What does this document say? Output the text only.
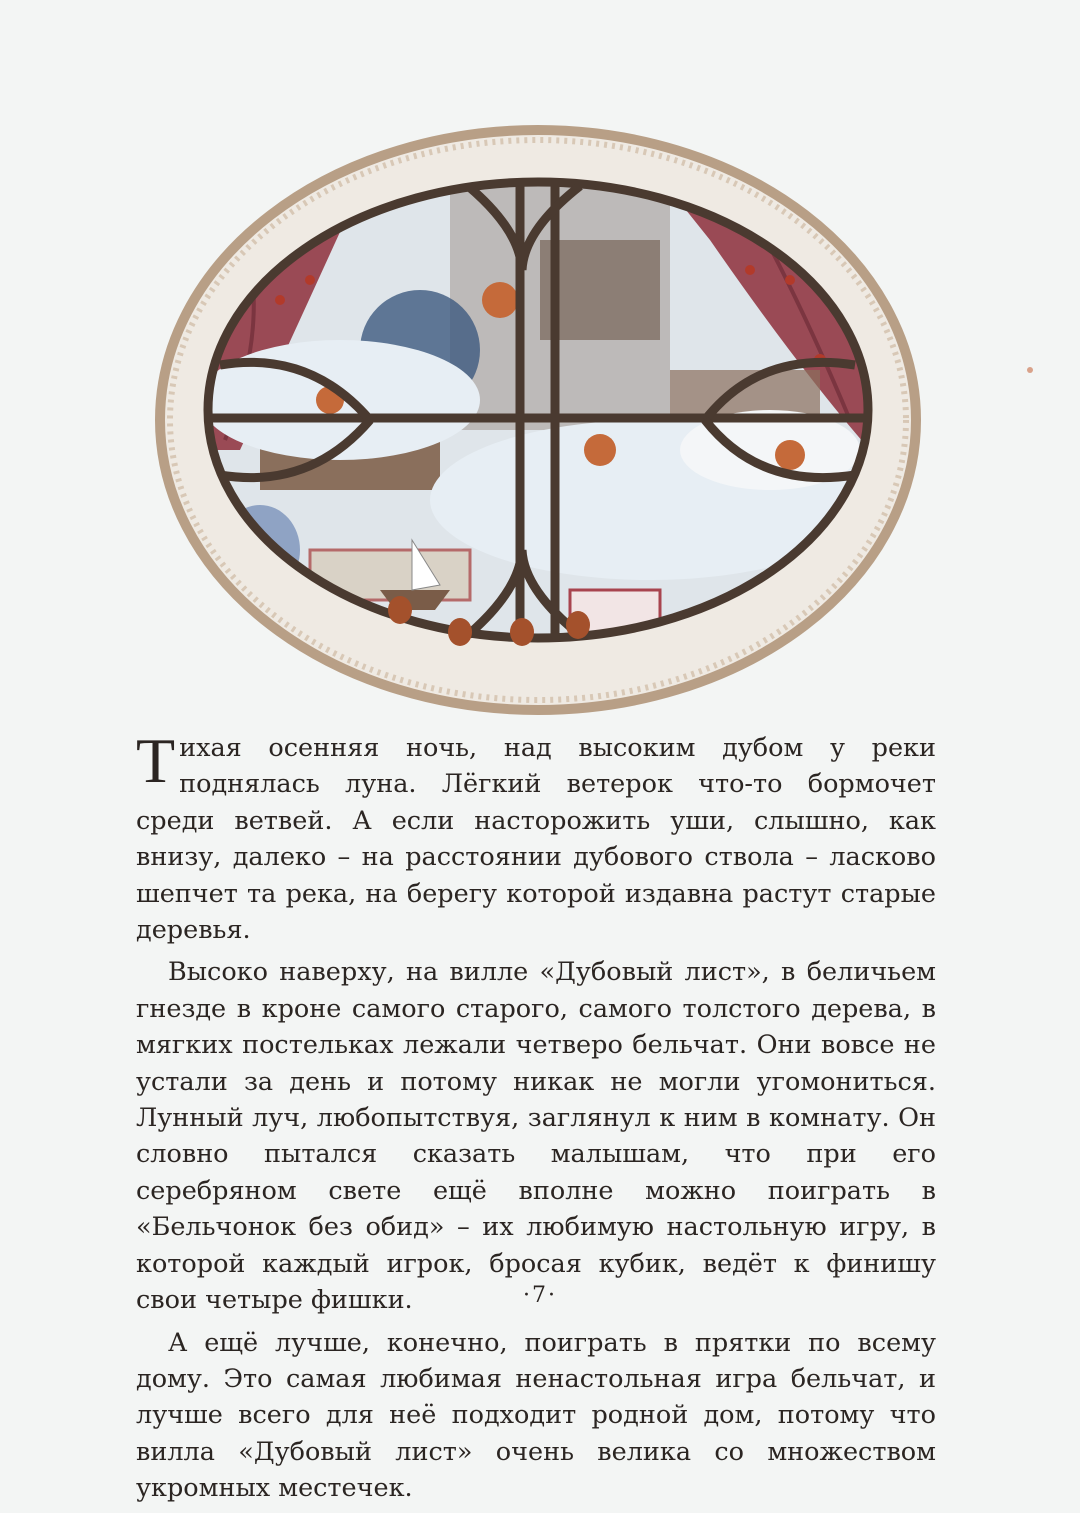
Тихая осенняя ночь, над высоким дубом у реки поднялась луна. Лёгкий ветерок что-то бормочет среди ветвей. А если насторожить уши, слышно, как внизу, далеко – на расстоянии дубового ствола – ласково шепчет та река, на берегу которой издавна растут старые деревья.

Высоко наверху, на вилле «Дубовый лист», в беличьем гнезде в кроне самого старого, самого толстого дерева, в мягких постельках лежали четверо бельчат. Они вовсе не устали за день и потому никак не могли угомониться. Лунный луч, любопытствуя, заглянул к ним в комнату. Он словно пытался сказать малышам, что при его серебряном свете ещё вполне можно поиграть в «Бельчонок без обид» – их любимую настольную игру, в которой каждый игрок, бросая кубик, ведёт к финишу свои четыре фишки.

А ещё лучше, конечно, поиграть в прятки по всему дому. Это самая любимая ненастольная игра бельчат, и лучше всего для неё подходит родной дом, потому что вилла «Дубовый лист» очень велика со множеством укромных местечек.

·7·
